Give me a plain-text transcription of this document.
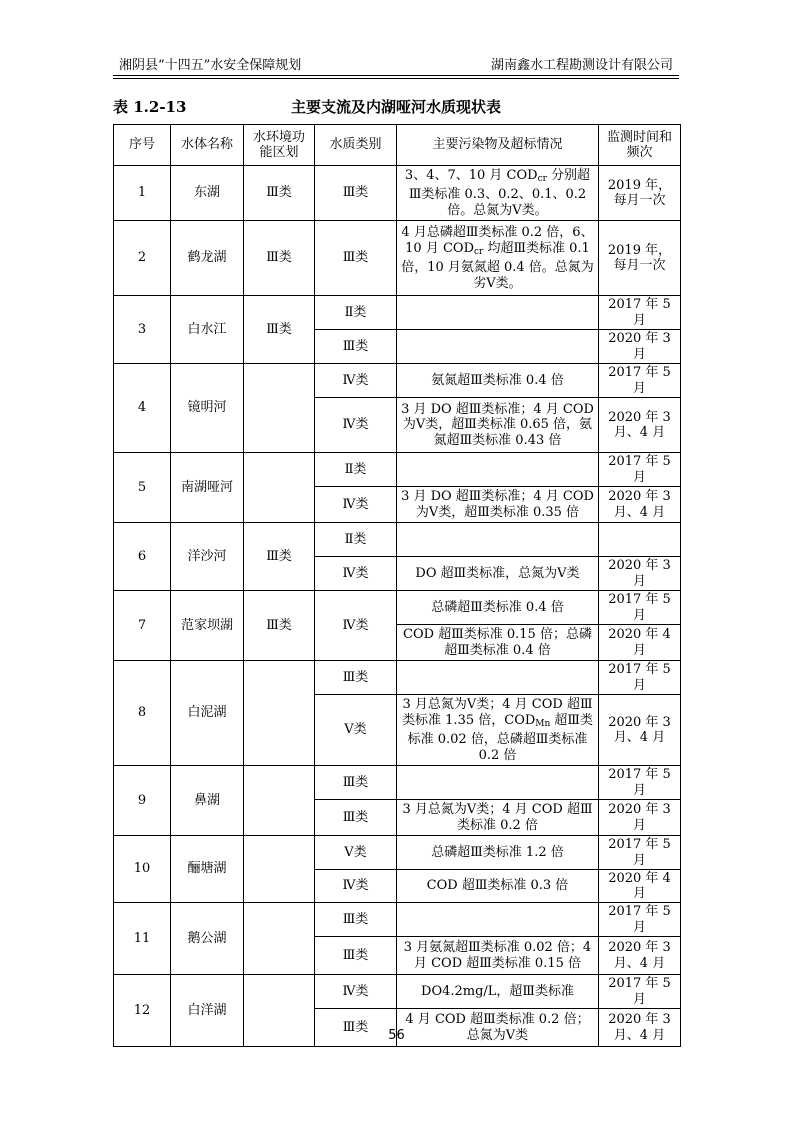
湘阴县“十四五”水安全保障规划	湖南鑫水工程勘测设计有限公司
表 1.2-13	主要支流及内湖哑河水质现状表
序号	水体名称	水环境功能区划	水质类别	主要污染物及超标情况	监测时间和频次
1	东湖	Ⅲ类	Ⅲ类	3、4、7、10 月 $COD_{cr}$ 分别超Ⅲ类标准 0.3、0.2、0.1、0.2 倍。总氮为Ⅴ类。	2019 年，每月一次
2	鹤龙湖	Ⅲ类	Ⅲ类	4 月总磷超Ⅲ类标准 0.2 倍，6、10 月 $COD_{cr}$ 均超Ⅲ类标准 0.1 倍，10 月氨氮超 0.4 倍。总氮为劣Ⅴ类。	2019 年，每月一次
3	白水江	Ⅲ类	Ⅱ类		2017 年 5 月
			Ⅲ类		2020 年 3 月
4	镜明河		Ⅳ类	氨氮超Ⅲ类标准 0.4 倍	2017 年 5 月
			Ⅳ类	3 月 DO 超Ⅲ类标准；4 月 COD 为Ⅴ类，超Ⅲ类标准 0.65 倍，氨氮超Ⅲ类标准 0.43 倍	2020 年 3 月、4 月
5	南湖哑河		Ⅱ类		2017 年 5 月
			Ⅳ类	3 月 DO 超Ⅲ类标准；4 月 COD 为Ⅴ类，超Ⅲ类标准 0.35 倍	2020 年 3 月、4 月
6	洋沙河	Ⅲ类	Ⅱ类		
			Ⅳ类	DO 超Ⅲ类标准，总氮为Ⅴ类	2020 年 3 月
7	范家坝湖	Ⅲ类	Ⅳ类	总磷超Ⅲ类标准 0.4 倍	2017 年 5 月
				COD 超Ⅲ类标准 0.15 倍；总磷超Ⅲ类标准 0.4 倍	2020 年 4 月
8	白泥湖		Ⅲ类		2017 年 5 月
			Ⅴ类	3 月总氮为Ⅴ类；4 月 COD 超Ⅲ类标准 1.35 倍，$COD_{Mn}$ 超Ⅲ类标准 0.02 倍，总磷超Ⅲ类标准 0.2 倍	2020 年 3 月、4 月
9	鼻湖		Ⅲ类		2017 年 5 月
			Ⅲ类	3 月总氮为Ⅴ类；4 月 COD 超Ⅲ类标准 0.2 倍	2020 年 3 月
10	酾塘湖		Ⅴ类	总磷超Ⅲ类标准 1.2 倍	2017 年 5 月
			Ⅳ类	COD 超Ⅲ类标准 0.3 倍	2020 年 4 月
11	鹅公湖		Ⅲ类		2017 年 5 月
			Ⅲ类	3 月氨氮超Ⅲ类标准 0.02 倍；4 月 COD 超Ⅲ类标准 0.15 倍	2020 年 3 月、4 月
12	白洋湖		Ⅳ类	DO4.2mg/L，超Ⅲ类标准	2017 年 5 月
			Ⅲ类	4 月 COD 超Ⅲ类标准 0.2 倍；总氮为Ⅴ类	2020 年 3 月、4 月
56
